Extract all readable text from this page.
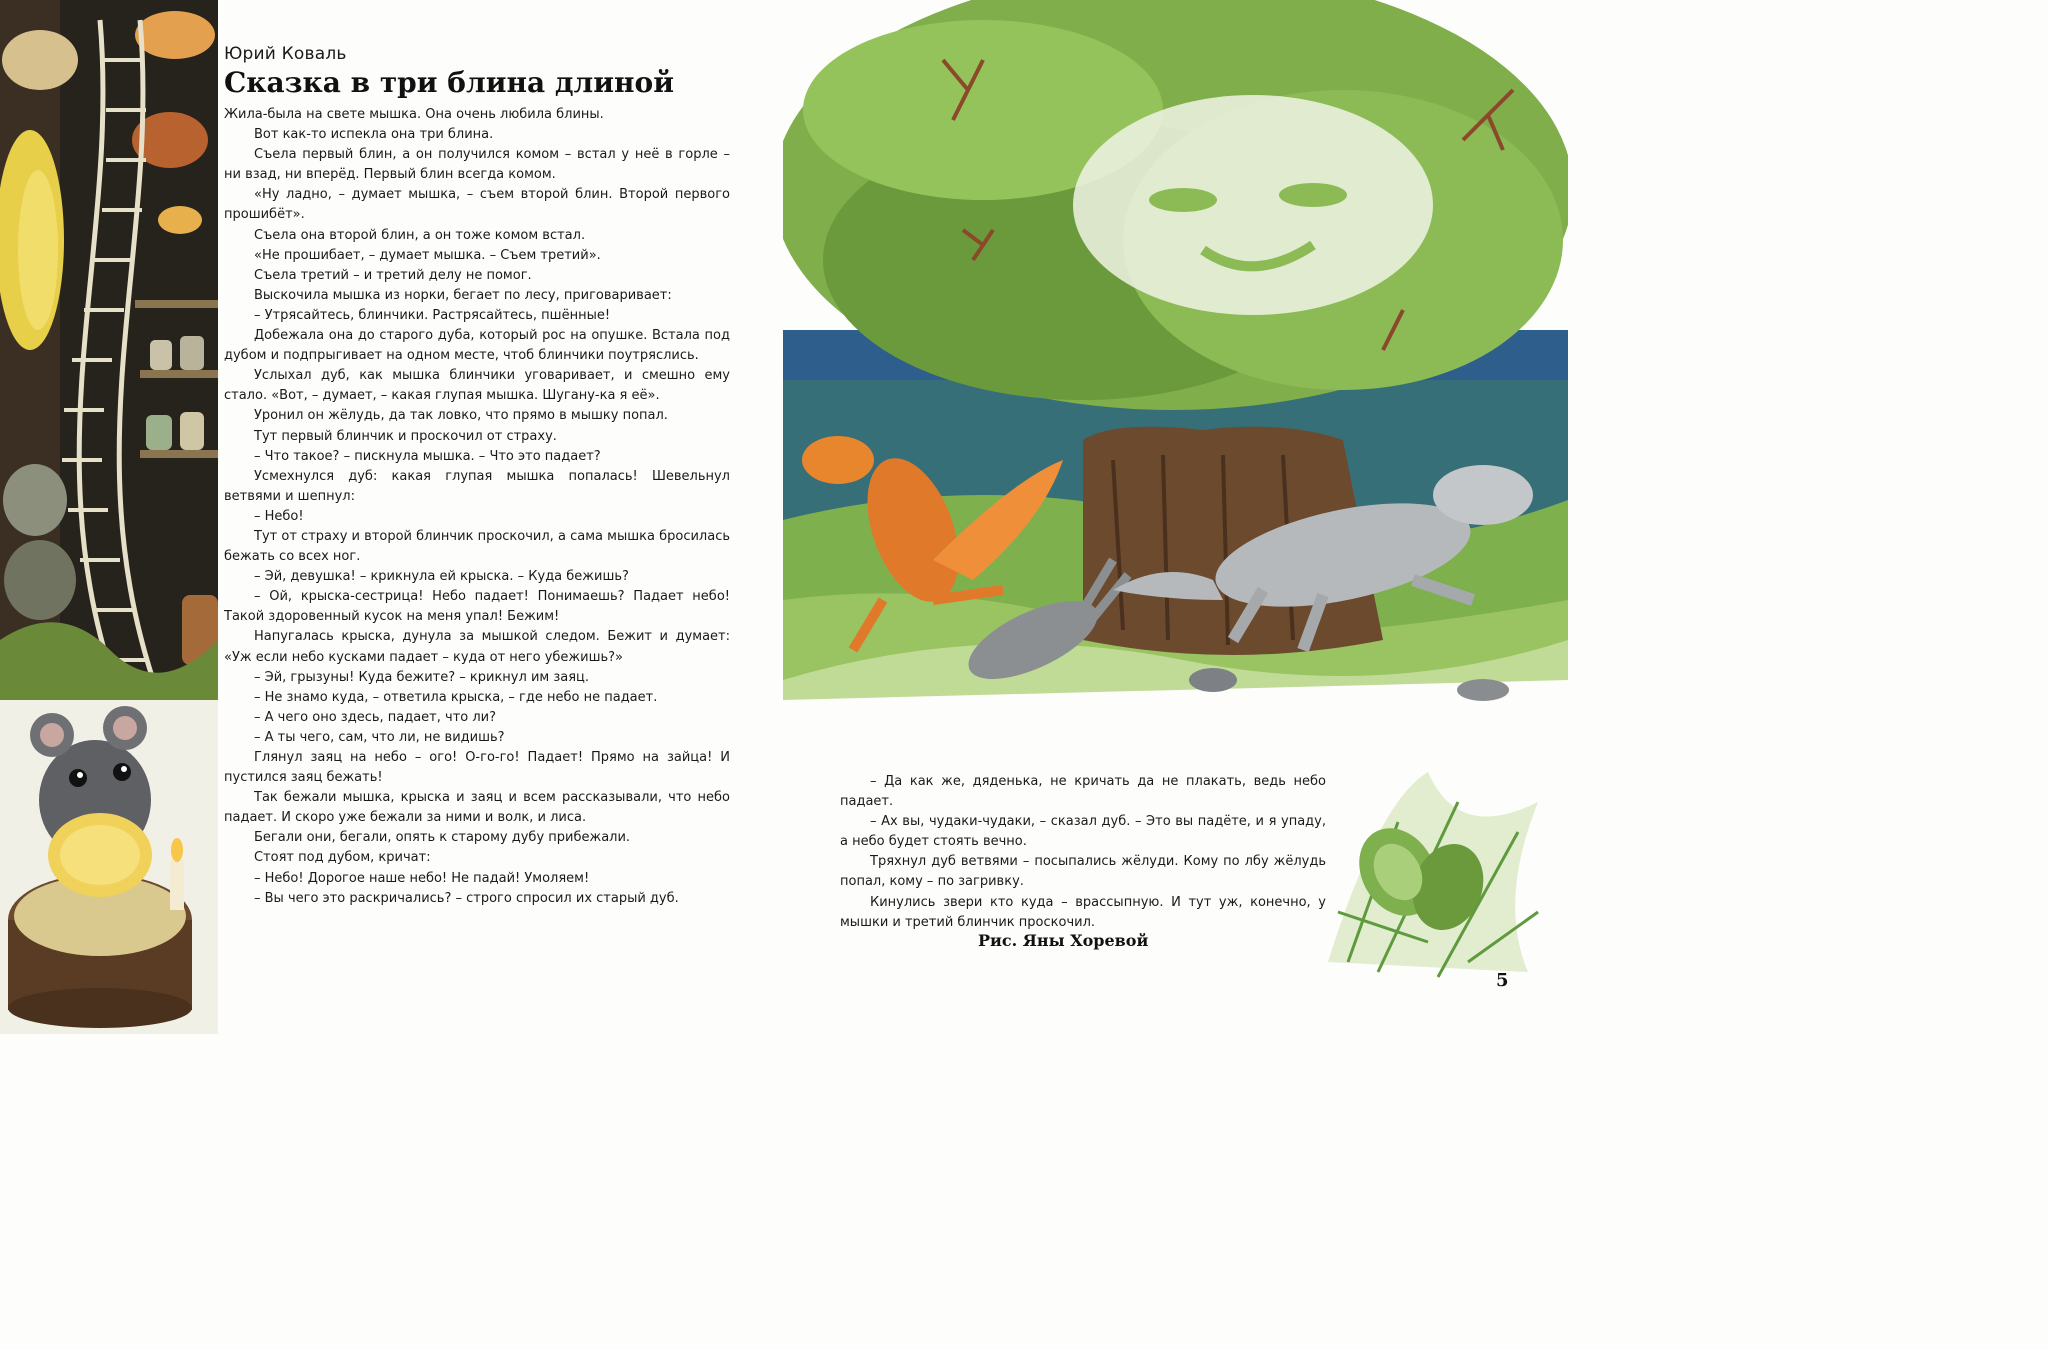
Юрий Коваль
Сказка в три блина длиной

Жила-была на свете мышка. Она очень любила блины.

Вот как-то испекла она три блина.

Съела первый блин, а он получился комом – встал у неё в горле – ни взад, ни вперёд. Первый блин всегда комом.

«Ну ладно, – думает мышка, – съем второй блин. Второй первого прошибёт».

Съела она второй блин, а он тоже комом встал.

«Не прошибает, – думает мышка. – Съем третий».

Съела третий – и третий делу не помог.

Выскочила мышка из норки, бегает по лесу, приговаривает:

– Утрясайтесь, блинчики. Растрясайтесь, пшённые!

Добежала она до старого дуба, который рос на опушке. Встала под дубом и подпрыгивает на одном месте, чтоб блинчики поутряслись.

Услыхал дуб, как мышка блинчики уговаривает, и смешно ему стало. «Вот, – думает, – какая глупая мышка. Шугану-ка я её».

Уронил он жёлудь, да так ловко, что прямо в мышку попал.

Тут первый блинчик и проскочил от страху.

– Что такое? – пискнула мышка. – Что это падает?

Усмехнулся дуб: какая глупая мышка попалась! Шевельнул ветвями и шепнул:

– Небо!

Тут от страху и второй блинчик проскочил, а сама мышка бросилась бежать со всех ног.

– Эй, девушка! – крикнула ей крыска. – Куда бежишь?

– Ой, крыска-сестрица! Небо падает! Понимаешь? Падает небо! Такой здоровенный кусок на меня упал! Бежим!

Напугалась крыска, дунула за мышкой следом. Бежит и думает: «Уж если небо кусками падает – куда от него убежишь?»

– Эй, грызуны! Куда бежите? – крикнул им заяц.

– Не знамо куда, – ответила крыска, – где небо не падает.

– А чего оно здесь, падает, что ли?

– А ты чего, сам, что ли, не видишь?

Глянул заяц на небо – ого! О-го-го! Падает! Прямо на зайца! И пустился заяц бежать!

Так бежали мышка, крыска и заяц и всем рассказывали, что небо падает. И скоро уже бежали за ними и волк, и лиса.

Бегали они, бегали, опять к старому дубу прибежали.

Стоят под дубом, кричат:

– Небо! Дорогое наше небо! Не падай! Умоляем!

– Вы чего это раскричались? – строго спросил их старый дуб.

– Да как же, дяденька, не кричать да не плакать, ведь небо падает.

– Ах вы, чудаки-чудаки, – сказал дуб. – Это вы падёте, и я упаду, а небо будет стоять вечно.

Тряхнул дуб ветвями – посыпались жёлуди. Кому по лбу жёлудь попал, кому – по загривку.

Кинулись звери кто куда – врассыпную. И тут уж, конечно, у мышки и третий блинчик проскочил.

Рис. Яны Хоревой
5
